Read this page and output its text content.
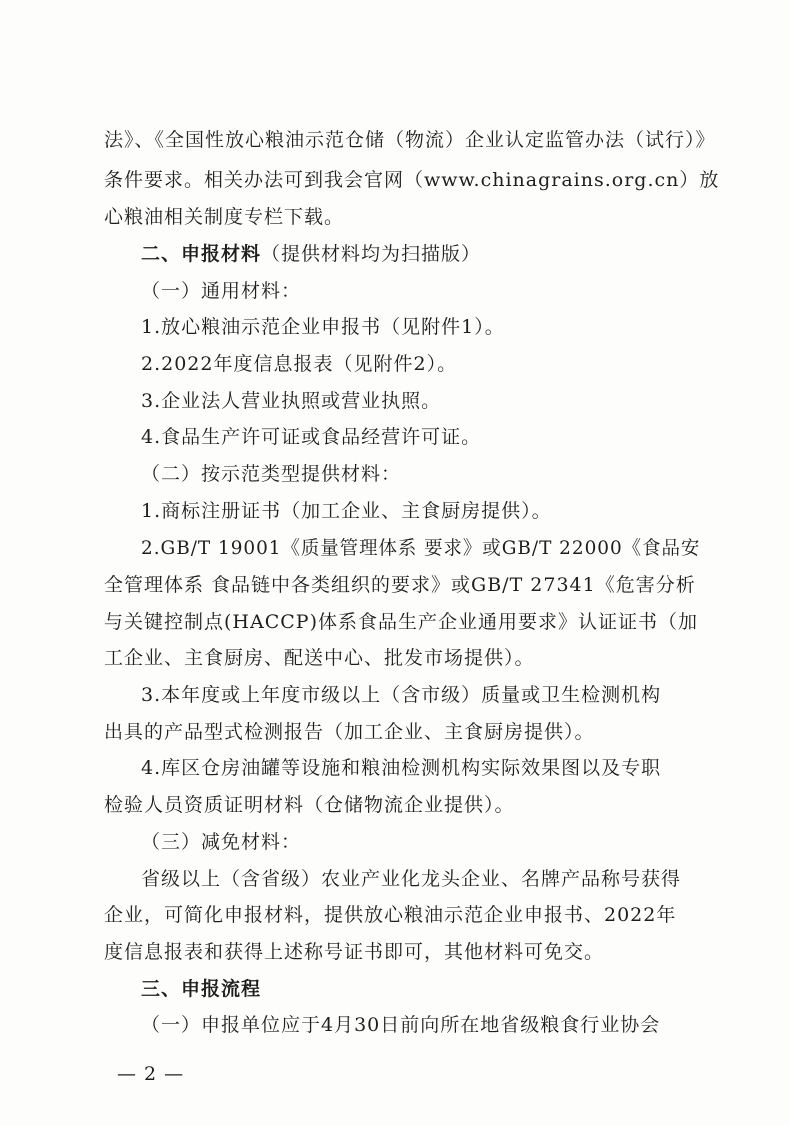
法》、《全国性放心粮油示范仓储（物流）企业认定监管办法（试行）》
条件要求。相关办法可到我会官网（www.chinagrains.org.cn）放
心粮油相关制度专栏下载。
二、申报材料（提供材料均为扫描版）
（一）通用材料：
1.放心粮油示范企业申报书（见附件1）。
2.2022年度信息报表（见附件2）。
3.企业法人营业执照或营业执照。
4.食品生产许可证或食品经营许可证。
（二）按示范类型提供材料：
1.商标注册证书（加工企业、主食厨房提供）。
2.GB/T 19001《质量管理体系 要求》或GB/T 22000《食品安
全管理体系 食品链中各类组织的要求》或GB/T 27341《危害分析
与关键控制点(HACCP)体系食品生产企业通用要求》认证证书（加
工企业、主食厨房、配送中心、批发市场提供）。
3.本年度或上年度市级以上（含市级）质量或卫生检测机构
出具的产品型式检测报告（加工企业、主食厨房提供）。
4.库区仓房油罐等设施和粮油检测机构实际效果图以及专职
检验人员资质证明材料（仓储物流企业提供）。
（三）减免材料：
省级以上（含省级）农业产业化龙头企业、名牌产品称号获得
企业，可简化申报材料，提供放心粮油示范企业申报书、2022年
度信息报表和获得上述称号证书即可，其他材料可免交。
三、申报流程
（一）申报单位应于4月30日前向所在地省级粮食行业协会
— 2 —
